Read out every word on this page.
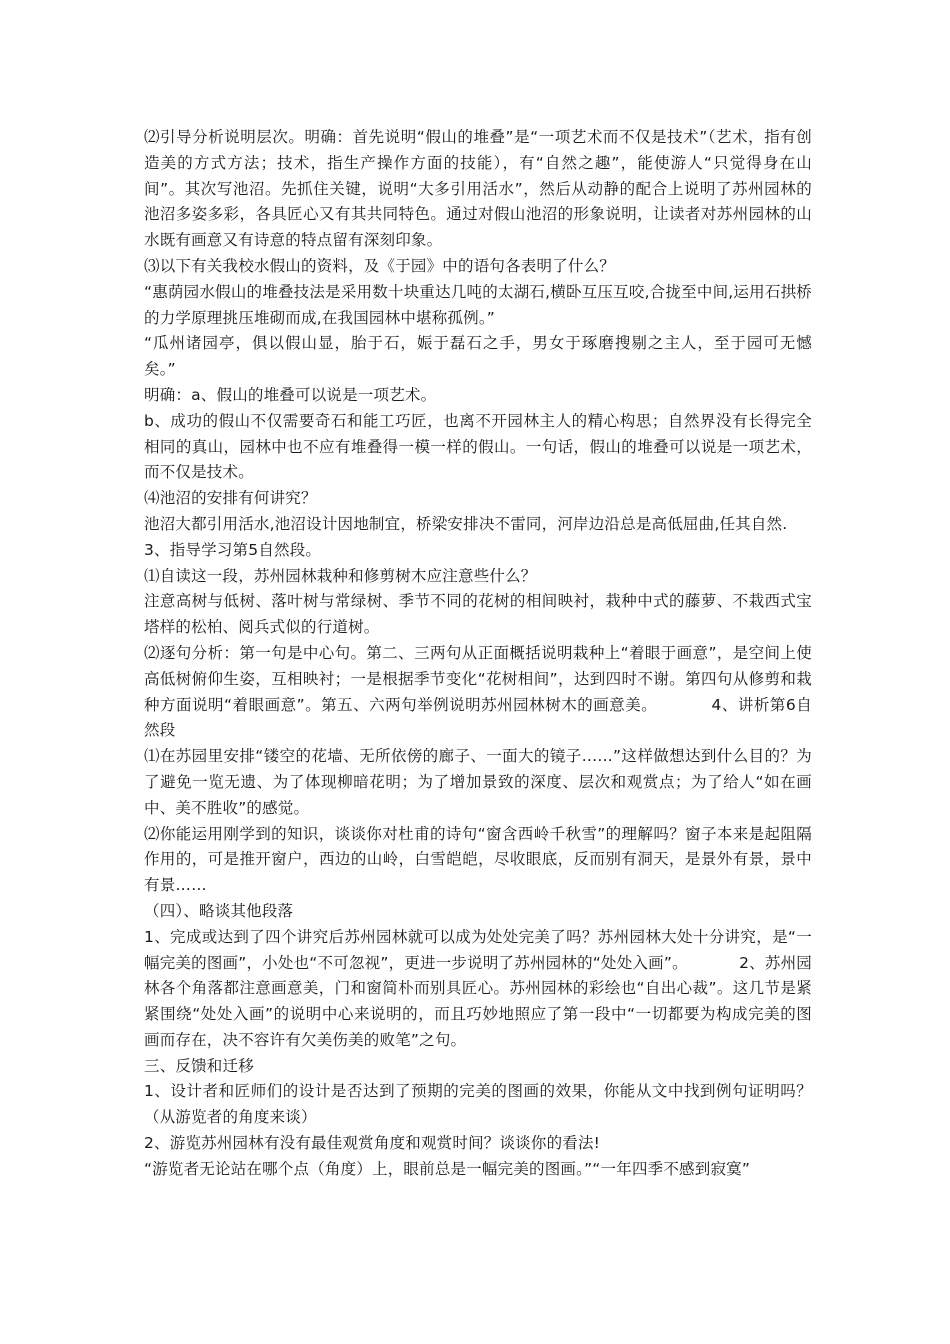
⑵引导分析说明层次。明确：首先说明“假山的堆叠”是“一项艺术而不仅是技术”（艺术，指有创造美的方式方法；技术，指生产操作方面的技能），有“自然之趣”，能使游人“只觉得身在山间”。其次写池沼。先抓住关键，说明“大多引用活水”，然后从动静的配合上说明了苏州园林的池沼多姿多彩，各具匠心又有其共同特色。通过对假山池沼的形象说明，让读者对苏州园林的山水既有画意又有诗意的特点留有深刻印象。

⑶以下有关我校水假山的资料，及《于园》中的语句各表明了什么？

“惠荫园水假山的堆叠技法是采用数十块重达几吨的太湖石,横卧互压互咬,合拢至中间,运用石拱桥的力学原理挑压堆砌而成,在我国园林中堪称孤例。”

“瓜州诸园亭，俱以假山显，胎于石，娠于磊石之手，男女于琢磨搜剔之主人，至于园可无憾矣。”

明确：a、假山的堆叠可以说是一项艺术。

b、成功的假山不仅需要奇石和能工巧匠，也离不开园林主人的精心构思；自然界没有长得完全相同的真山，园林中也不应有堆叠得一模一样的假山。一句话，假山的堆叠可以说是一项艺术，而不仅是技术。

⑷池沼的安排有何讲究？

池沼大都引用活水,池沼设计因地制宜，桥梁安排决不雷同，河岸边沿总是高低屈曲,任其自然.

3、指导学习第5自然段。

⑴自读这一段，苏州园林栽种和修剪树木应注意些什么？

注意高树与低树、落叶树与常绿树、季节不同的花树的相间映衬，栽种中式的藤萝、不栽西式宝塔样的松柏、阅兵式似的行道树。

⑵逐句分析：第一句是中心句。第二、三两句从正面概括说明栽种上“着眼于画意”，是空间上使高低树俯仰生姿，互相映衬；一是根据季节变化“花树相间”，达到四时不谢。第四句从修剪和栽种方面说明“着眼画意”。第五、六两句举例说明苏州园林树木的画意美。          4、讲析第6自然段

⑴在苏园里安排“镂空的花墙、无所依傍的廊子、一面大的镜子……”这样做想达到什么目的？为了避免一览无遗、为了体现柳暗花明；为了增加景致的深度、层次和观赏点；为了给人“如在画中、美不胜收”的感觉。

⑵你能运用刚学到的知识，谈谈你对杜甫的诗句“窗含西岭千秋雪”的理解吗？窗子本来是起阻隔作用的，可是推开窗户，西边的山岭，白雪皑皑，尽收眼底，反而别有洞天，是景外有景，景中有景……

（四）、略谈其他段落

1、完成或达到了四个讲究后苏州园林就可以成为处处完美了吗？苏州园林大处十分讲究，是“一幅完美的图画”，小处也“不可忽视”，更进一步说明了苏州园林的“处处入画”。          2、苏州园林各个角落都注意画意美，门和窗简朴而别具匠心。苏州园林的彩绘也“自出心裁”。这几节是紧紧围绕“处处入画”的说明中心来说明的，而且巧妙地照应了第一段中“一切都要为构成完美的图画而存在，决不容许有欠美伤美的败笔”之句。

三、反馈和迁移

1、设计者和匠师们的设计是否达到了预期的完美的图画的效果，你能从文中找到例句证明吗？（从游览者的角度来谈）

2、游览苏州园林有没有最佳观赏角度和观赏时间？谈谈你的看法!

“游览者无论站在哪个点（角度）上，眼前总是一幅完美的图画。”“一年四季不感到寂寞”
